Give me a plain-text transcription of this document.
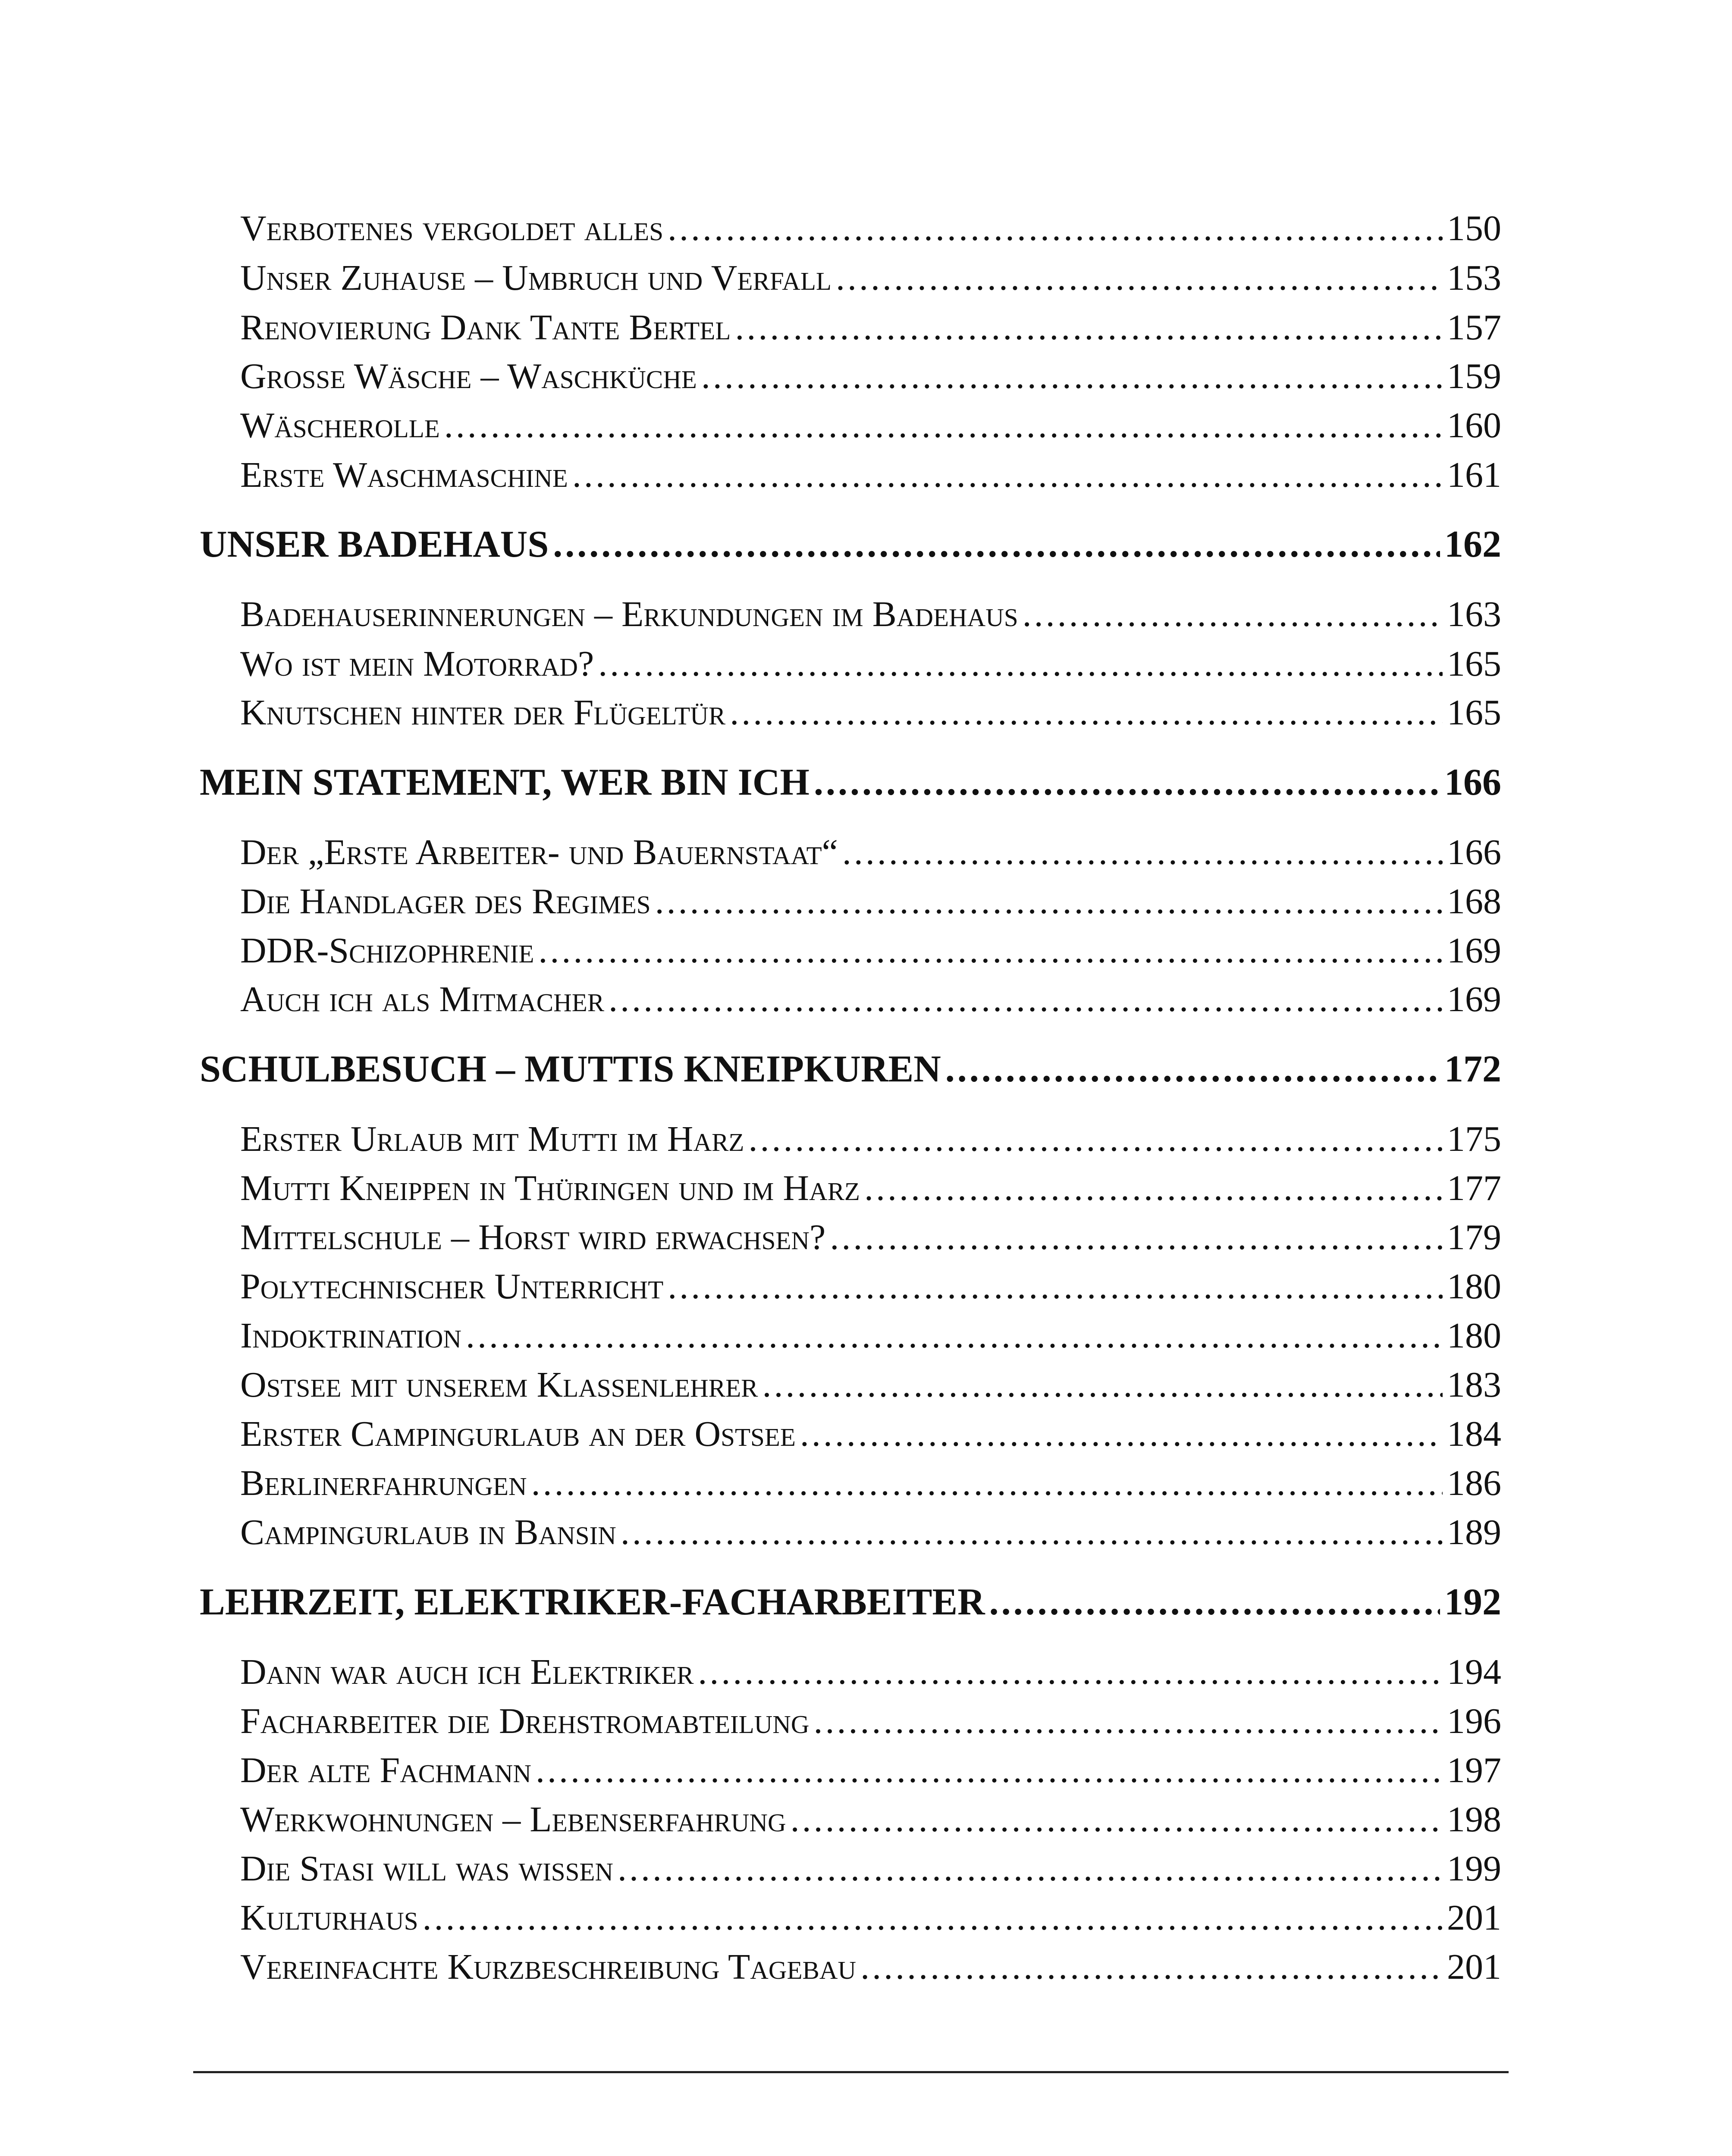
Verbotenes vergoldet alles .....	150
Unser Zuhause – Umbruch und Verfall .....	153
Renovierung Dank Tante Bertel .....	157
Große Wäsche – Waschküche .....	159
Wäscherolle .....	160
Erste Waschmaschine .....	161
UNSER BADEHAUS .....	162
Badehauserinnerungen – Erkundungen im Badehaus .....	163
Wo ist mein Motorrad? .....	165
Knutschen hinter der Flügeltür .....	165
MEIN STATEMENT, WER BIN ICH .....	166
Der „Erste Arbeiter- und Bauernstaat“ .....	166
Die Handlager des Regimes .....	168
DDR-Schizophrenie .....	169
Auch ich als Mitmacher .....	169
SCHULBESUCH – MUTTIS KNEIPKUREN .....	172
Erster Urlaub mit Mutti im Harz .....	175
Mutti Kneippen in Thüringen und im Harz .....	177
Mittelschule – Horst wird erwachsen? .....	179
Polytechnischer Unterricht .....	180
Indoktrination .....	180
Ostsee mit unserem Klassenlehrer .....	183
Erster Campingurlaub an der Ostsee .....	184
Berlinerfahrungen .....	186
Campingurlaub in Bansin .....	189
LEHRZEIT, ELEKTRIKER-FACHARBEITER .....	192
Dann war auch ich Elektriker .....	194
Facharbeiter die Drehstromabteilung .....	196
Der alte Fachmann .....	197
Werkwohnungen – Lebenserfahrung .....	198
Die Stasi will was wissen .....	199
Kulturhaus .....	201
Vereinfachte Kurzbeschreibung Tagebau .....	201
